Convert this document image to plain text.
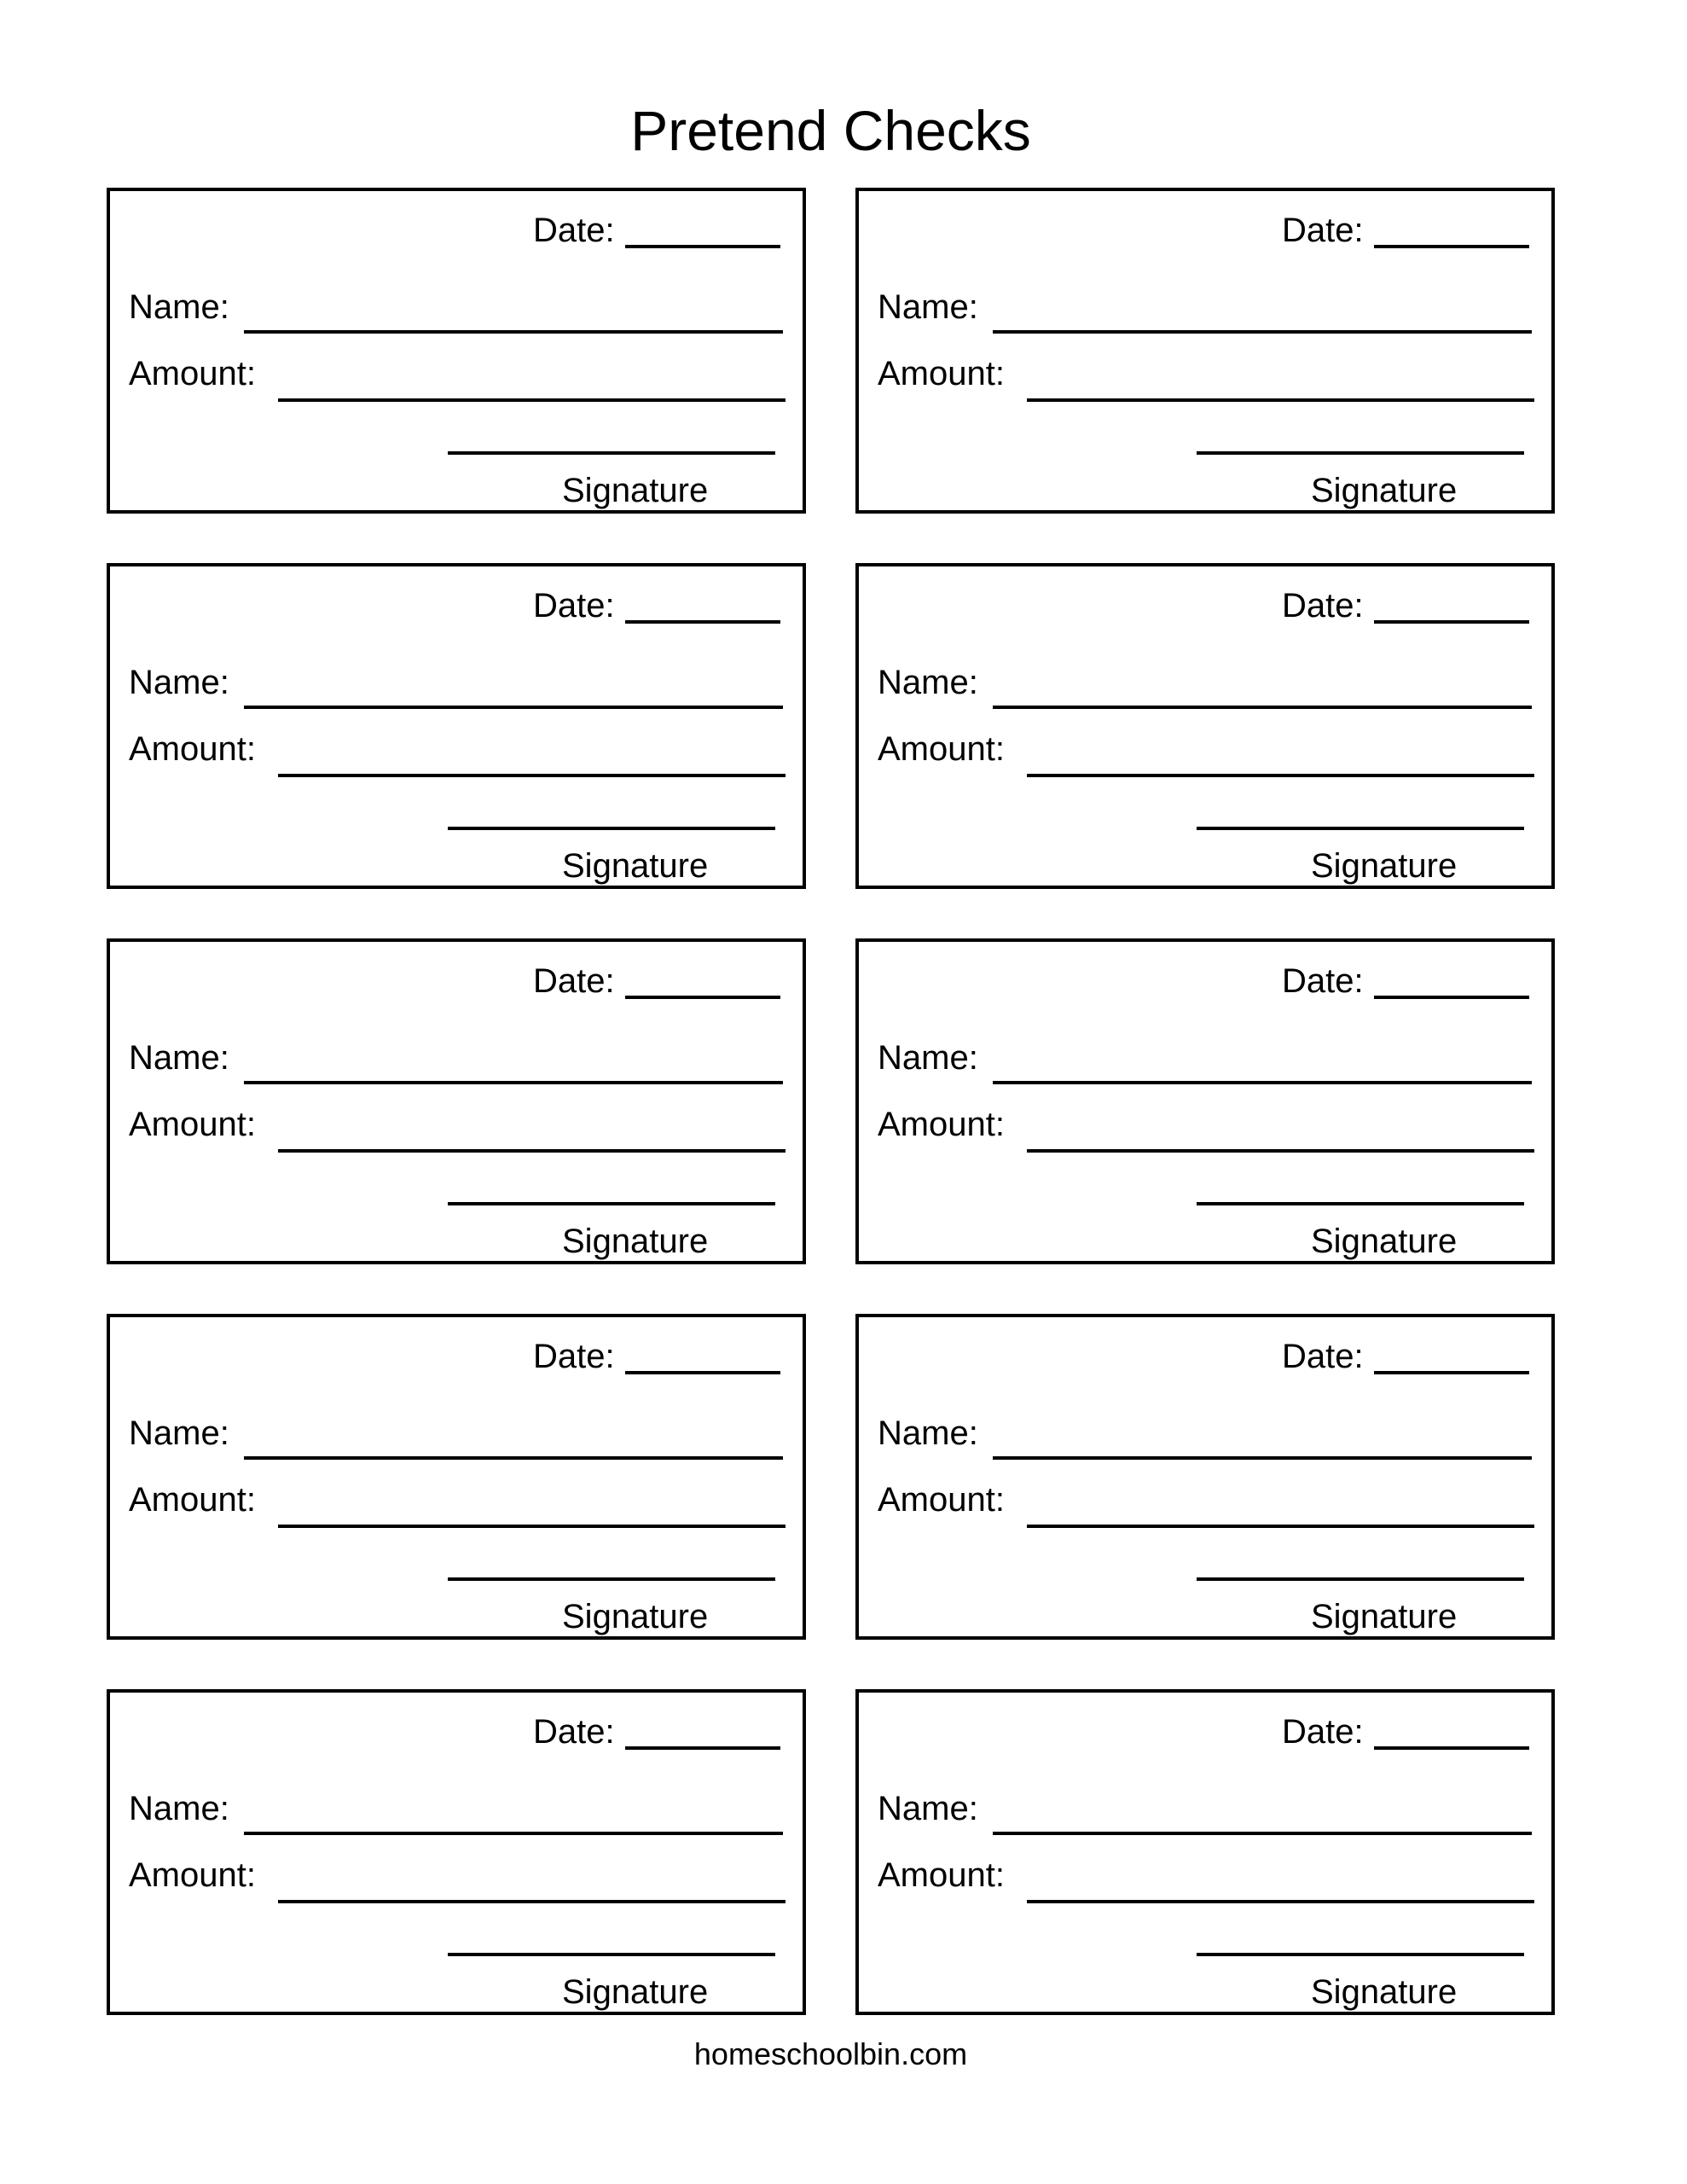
Pretend Checks
Date:
Name:
Amount:
Signature
Date:
Name:
Amount:
Signature
Date:
Name:
Amount:
Signature
Date:
Name:
Amount:
Signature
Date:
Name:
Amount:
Signature
Date:
Name:
Amount:
Signature
Date:
Name:
Amount:
Signature
Date:
Name:
Amount:
Signature
Date:
Name:
Amount:
Signature
Date:
Name:
Amount:
Signature
homeschoolbin.com
